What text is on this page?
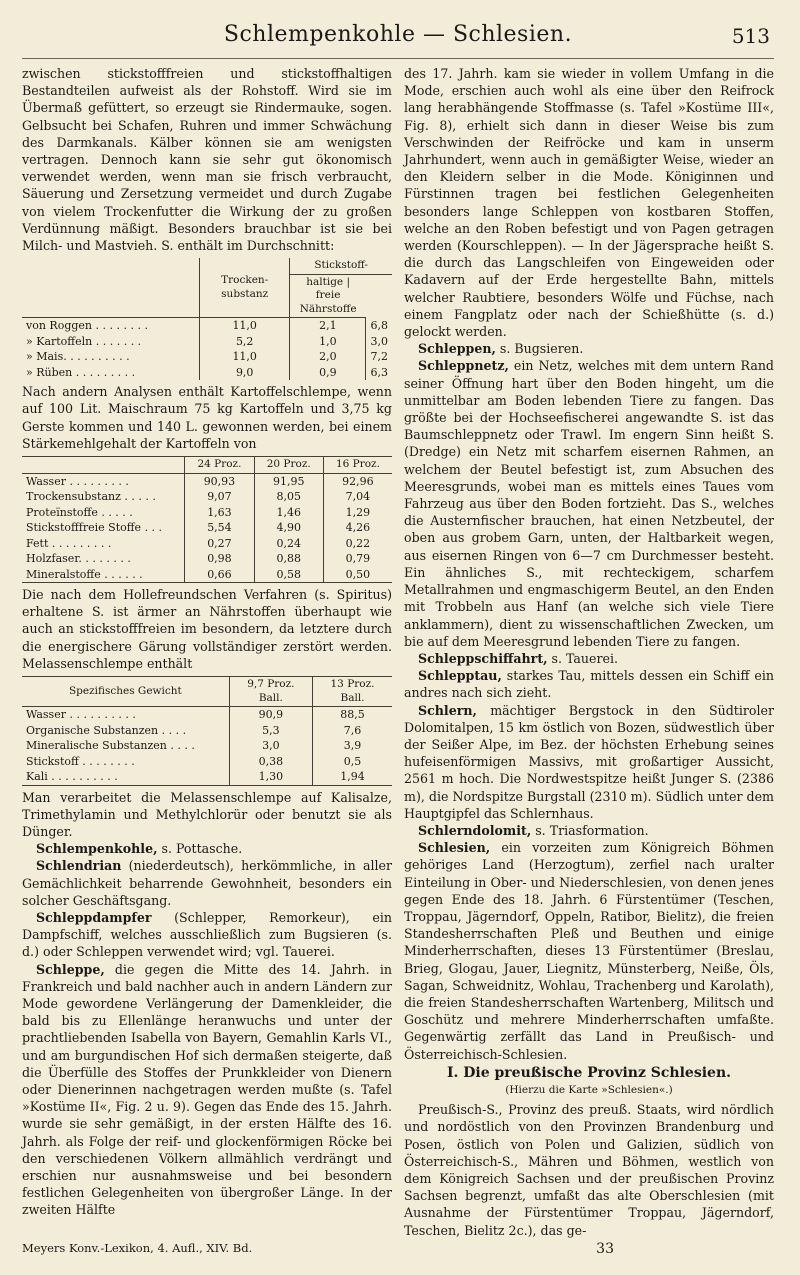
Schlempenkohle — Schlesien.	513

zwischen stickstofffreien und stickstoffhaltigen Bestandteilen aufweist als der Rohstoff. Wird sie im Übermaß gefüttert, so erzeugt sie Rindermauke, sogen. Gelbsucht bei Schafen, Ruhren und immer Schwächung des Darmkanals. Kälber können sie am wenigsten vertragen. Dennoch kann sie sehr gut ökonomisch verwendet werden, wenn man sie frisch verbraucht, Säuerung und Zersetzung vermeidet und durch Zugabe von vielem Trockenfutter die Wirkung der zu großen Verdünnung mäßigt. Besonders brauchbar ist sie bei Milch- und Mastvieh. S. enthält im Durchschnitt:

	Trocken-substanz	Stickstoff-	
		haltige | freie
Nährstoffe
von Roggen . . . . . . . .	11,0	2,1	6,8
» Kartoffeln . . . . . . .	5,2	1,0	3,0
» Mais. . . . . . . . . .	11,0	2,0	7,2
» Rüben . . . . . . . . .	9,0	0,9	6,3

Nach andern Analysen enthält Kartoffelschlempe, wenn auf 100 Lit. Maischraum 75 kg Kartoffeln und 3,75 kg Gerste kommen und 140 L. gewonnen werden, bei einem Stärkemehlgehalt der Kartoffeln von

	24 Proz.	20 Proz.	16 Proz.
Wasser . . . . . . . . .	90,93	91,95	92,96
Trockensubstanz . . . . .	9,07	8,05	7,04
Proteïnstoffe . . . . .	1,63	1,46	1,29
Stickstofffreie Stoffe . . .	5,54	4,90	4,26
Fett . . . . . . . . .	0,27	0,24	0,22
Holzfaser. . . . . . . .	0,98	0,88	0,79
Mineralstoffe . . . . . .	0,66	0,58	0,50

Die nach dem Hollefreundschen Verfahren (s. Spiritus) erhaltene S. ist ärmer an Nährstoffen überhaupt wie auch an stickstofffreien im besondern, da letztere durch die energischere Gärung vollständiger zerstört werden. Melassenschlempe enthält

Spezifisches Gewicht	9,7 Proz. Ball.	13 Proz. Ball.
Wasser . . . . . . . . . .	90,9	88,5
Organische Substanzen . . . .	5,3	7,6
Mineralische Substanzen . . . .	3,0	3,9
Stickstoff . . . . . . . .	0,38	0,5
Kali . . . . . . . . . .	1,30	1,94

Man verarbeitet die Melassenschlempe auf Kalisalze, Trimethylamin und Methylchlorür oder benutzt sie als Dünger.

Schlempenkohle, s. Pottasche.

Schlendrian (niederdeutsch), herkömmliche, in aller Gemächlichkeit beharrende Gewohnheit, besonders ein solcher Geschäftsgang.

Schleppdampfer (Schlepper, Remorkeur), ein Dampfschiff, welches ausschließlich zum Bugsieren (s. d.) oder Schleppen verwendet wird; vgl. Tauerei.

Schleppe, die gegen die Mitte des 14. Jahrh. in Frankreich und bald nachher auch in andern Ländern zur Mode gewordene Verlängerung der Damenkleider, die bald bis zu Ellenlänge heranwuchs und unter der prachtliebenden Isabella von Bayern, Gemahlin Karls VI., und am burgundischen Hof sich dermaßen steigerte, daß die Überfülle des Stoffes der Prunkkleider von Dienern oder Dienerinnen nachgetragen werden mußte (s. Tafel »Kostüme II«, Fig. 2 u. 9). Gegen das Ende des 15. Jahrh. wurde sie sehr gemäßigt, in der ersten Hälfte des 16. Jahrh. als Folge der reif- und glockenförmigen Röcke bei den verschiedenen Völkern allmählich verdrängt und erschien nur ausnahmsweise und bei besondern festlichen Gelegenheiten von übergroßer Länge. In der zweiten Hälfte

des 17. Jahrh. kam sie wieder in vollem Umfang in die Mode, erschien auch wohl als eine über den Reifrock lang herabhängende Stoffmasse (s. Tafel »Kostüme III«, Fig. 8), erhielt sich dann in dieser Weise bis zum Verschwinden der Reifröcke und kam in unserm Jahrhundert, wenn auch in gemäßigter Weise, wieder an den Kleidern selber in die Mode. Königinnen und Fürstinnen tragen bei festlichen Gelegenheiten besonders lange Schleppen von kostbaren Stoffen, welche an den Roben befestigt und von Pagen getragen werden (Kourschleppen). — In der Jägersprache heißt S. die durch das Langschleifen von Eingeweiden oder Kadavern auf der Erde hergestellte Bahn, mittels welcher Raubtiere, besonders Wölfe und Füchse, nach einem Fangplatz oder nach der Schießhütte (s. d.) gelockt werden.

Schleppen, s. Bugsieren.

Schleppnetz, ein Netz, welches mit dem untern Rand seiner Öffnung hart über den Boden hingeht, um die unmittelbar am Boden lebenden Tiere zu fangen. Das größte bei der Hochseefischerei angewandte S. ist das Baumschleppnetz oder Trawl. Im engern Sinn heißt S. (Dredge) ein Netz mit scharfem eisernen Rahmen, an welchem der Beutel befestigt ist, zum Absuchen des Meeresgrunds, wobei man es mittels eines Taues vom Fahrzeug aus über den Boden fortzieht. Das S., welches die Austernfischer brauchen, hat einen Netzbeutel, der oben aus grobem Garn, unten, der Haltbarkeit wegen, aus eisernen Ringen von 6—7 cm Durchmesser besteht. Ein ähnliches S., mit rechteckigem, scharfem Metallrahmen und engmaschigerm Beutel, an den Enden mit Trobbeln aus Hanf (an welche sich viele Tiere anklammern), dient zu wissenschaftlichen Zwecken, um bie auf dem Meeresgrund lebenden Tiere zu fangen.

Schleppschiffahrt, s. Tauerei.

Schlepptau, starkes Tau, mittels dessen ein Schiff ein andres nach sich zieht.

Schlern, mächtiger Bergstock in den Südtiroler Dolomitalpen, 15 km östlich von Bozen, südwestlich über der Seißer Alpe, im Bez. der höchsten Erhebung seines hufeisenförmigen Massivs, mit großartiger Aussicht, 2561 m hoch. Die Nordwestspitze heißt Junger S. (2386 m), die Nordspitze Burgstall (2310 m). Südlich unter dem Hauptgipfel das Schlernhaus.

Schlerndolomit, s. Triasformation.

Schlesien, ein vorzeiten zum Königreich Böhmen gehöriges Land (Herzogtum), zerfiel nach uralter Einteilung in Ober- und Niederschlesien, von denen jenes gegen Ende des 18. Jahrh. 6 Fürstentümer (Teschen, Troppau, Jägerndorf, Oppeln, Ratibor, Bielitz), die freien Standesherrschaften Pleß und Beuthen und einige Minderherrschaften, dieses 13 Fürstentümer (Breslau, Brieg, Glogau, Jauer, Liegnitz, Münsterberg, Neiße, Öls, Sagan, Schweidnitz, Wohlau, Trachenberg und Karolath), die freien Standesherrschaften Wartenberg, Militsch und Goschütz und mehrere Minderherrschaften umfaßte. Gegenwärtig zerfällt das Land in Preußisch- und Österreichisch-Schlesien.

I. Die preußische Provinz Schlesien.
(Hierzu die Karte »Schlesien«.)

Preußisch-S., Provinz des preuß. Staats, wird nördlich und nordöstlich von den Provinzen Brandenburg und Posen, östlich von Polen und Galizien, südlich von Österreichisch-S., Mähren und Böhmen, westlich von dem Königreich Sachsen und der preußischen Provinz Sachsen begrenzt, umfaßt das alte Oberschlesien (mit Ausnahme der Fürstentümer Troppau, Jägerndorf, Teschen, Bielitz 2c.), das ge-

Meyers Konv.-Lexikon, 4. Aufl., XIV. Bd.	33
